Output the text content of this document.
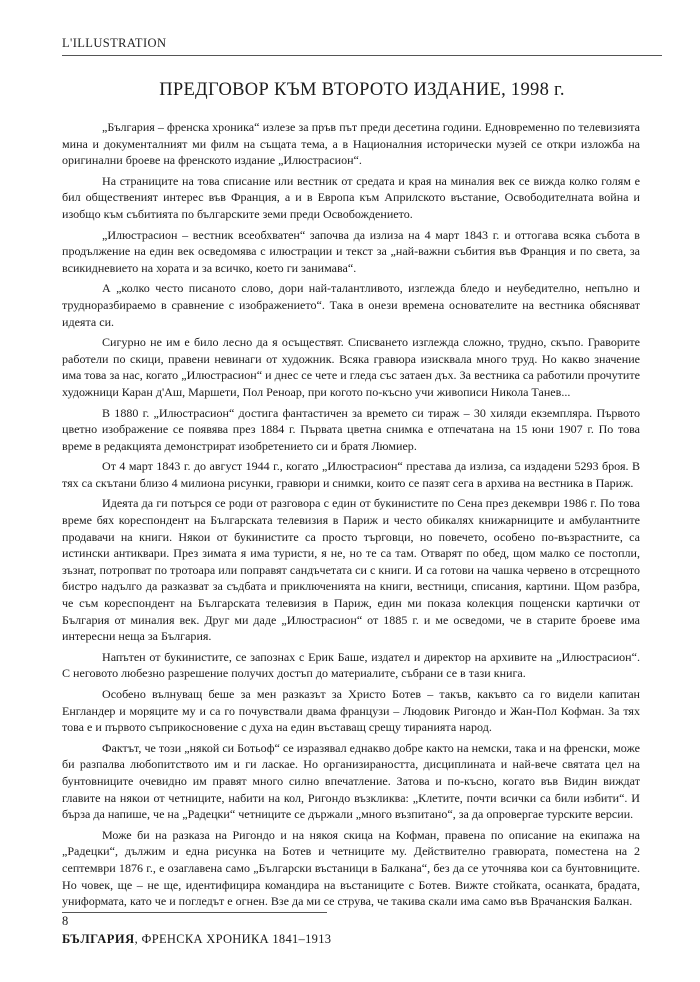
L'ILLUSTRATION
ПРЕДГОВОР КЪМ ВТОРОТО ИЗДАНИЕ, 1998 г.

„България – френска хроника“ излезе за пръв път преди десетина години. Едновременно по телевизията мина и документалният ми филм на същата тема, а в Националния исторически музей се откри изложба на оригинални броеве на френското издание „Илюстрасион“.

На страниците на това списание или вестник от средата и края на миналия век се вижда колко голям е бил общественият интерес във Франция, а и в Европа към Априлското въстание, Освободителната война и изобщо към събитията по българските земи преди Освобождението.

„Илюстрасион – вестник всеобхватен“ започва да излиза на 4 март 1843 г. и оттогава всяка събота в продължение на един век осведомява с илюстрации и текст за „най-важни събития във Франция и по света, за всикидневието на хората и за всичко, което ги занимава“.

А „колко често писаното слово, дори най-талантливото, изглежда бледо и неубедително, непълно и трудноразбираемо в сравнение с изображението“. Така в онези времена основателите на вестника обясняват идеята си.

Сигурно не им е било лесно да я осъществят. Списването изглежда сложно, трудно, скъпо. Граворите работели по скици, правени невинаги от художник. Всяка гравюра изисквала много труд. Но какво значение има това за нас, когато „Илюстрасион“ и днес се чете и гледа със затаен дъх. За вестника са работили прочутите художници Каран д'Аш, Маршети, Пол Реноар, при когото по-късно учи живописи Никола Танев...

В 1880 г. „Илюстрасион“ достига фантастичен за времето си тираж – 30 хиляди екземпляра. Първото цветно изображение се появява през 1884 г. Първата цветна снимка е отпечатана на 15 юни 1907 г. По това време в редакцията демонстрират изобретението си и братя Люмиер.

От 4 март 1843 г. до август 1944 г., когато „Илюстрасион“ престава да излиза, са издадени 5293 броя. В тях са скътани близо 4 милиона рисунки, гравюри и снимки, които се пазят сега в архива на вестника в Париж.

Идеята да ги потърся се роди от разговора с един от букинистите по Сена през декември 1986 г. По това време бях кореспондент на Българската телевизия в Париж и често обикалях книжарниците и амбулантните продавачи на книги. Някои от букинистите са просто търговци, но повечето, особено по-възрастните, са истински антиквари. През зимата я има туристи, я не, но те са там. Отварят по обед, щом малко се постопли, зъзнат, потропват по тротоара или поправят сандъчетата си с книги. И са готови на чашка червено в отсрещното бистро надълго да разказват за съдбата и приключенията на книги, вестници, списания, картини. Щом разбра, че съм кореспондент на Българската телевизия в Париж, един ми показа колекция пощенски картички от България от миналия век. Друг ми даде „Илюстрасион“ от 1885 г. и ме осведоми, че в старите броеве има интересни неща за България.

Напътен от букинистите, се запознах с Ерик Баше, издател и директор на архивите на „Илюстрасион“. С неговото любезно разрешение получих достъп до материалите, събрани се в тази книга.

Особено вълнуващ беше за мен разказът за Христо Ботев – такъв, какъвто са го видели капитан Енгландер и моряците му и са го почувствали двама французи – Людовик Ригондо и Жан-Пол Кофман. За тях това е и първото съприкосновение с духа на един въставащ срещу тиранията народ.

Фактът, че този „някой си Ботьоф“ се изразявал еднакво добре както на немски, така и на френски, може би разпалва любопитството им и ги ласкае. Но организираността, дисциплината и най-вече святата цел на бунтовниците очевидно им правят много силно впечатление. Затова и по-късно, когато във Видин виждат главите на някои от четниците, набити на кол, Ригондо възкликва: „Клетите, почти всички са били избити“. И бърза да напише, че на „Радецки“ четниците се държали „много възпитано“, за да опровергае турските версии.

Може би на разказа на Ригондо и на някоя скица на Кофман, правена по описание на екипажа на „Радецки“, дължим и една рисунка на Ботев и четниците му. Действително гравюрата, поместена на 2 септември 1876 г., е озаглавена само „Български въстаници в Балкана“, без да се уточнява кои са бунтовниците. Но човек, ще – не ще, идентифицира командира на въстаниците с Ботев. Вижте стойката, осанката, брадата, униформата, като че и погледът е огнен. Взе да ми се струва, че такива скали има само във Врачанския Балкан.

8
БЪЛГАРИЯ, ФРЕНСКА ХРОНИКА 1841–1913
